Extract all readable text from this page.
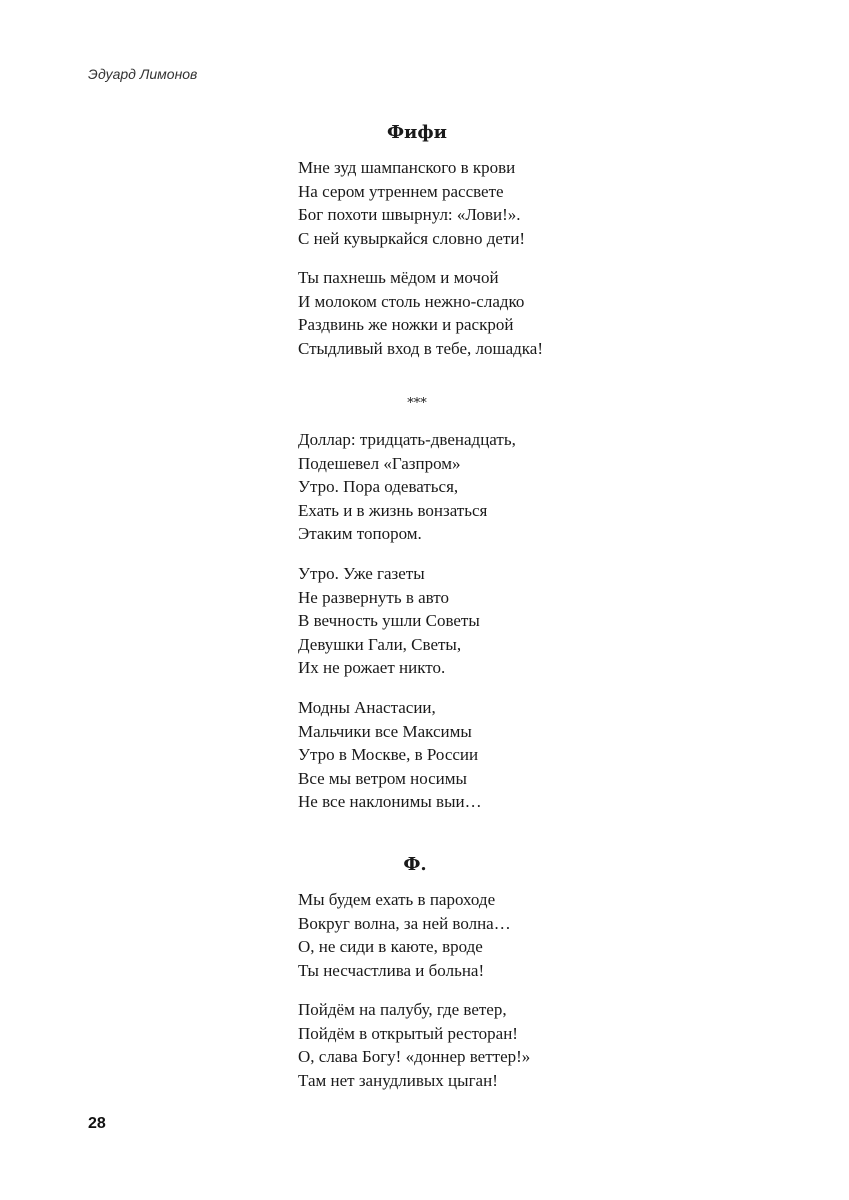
Эдуард Лимонов
Фифи
Мне зуд шампанского в крови
На сером утреннем рассвете
Бог похоти швырнул: «Лови!».
С ней кувыркайся словно дети!
Ты пахнешь мёдом и мочой
И молоком столь нежно-сладко
Раздвинь же ножки и раскрой
Стыдливый вход в тебе, лошадка!
***
Доллар: тридцать-двенадцать,
Подешевел «Газпром»
Утро. Пора одеваться,
Ехать и в жизнь вонзаться
Этаким топором.
Утро. Уже газеты
Не развернуть в авто
В вечность ушли Советы
Девушки Гали, Светы,
Их не рожает никто.
Модны Анастасии,
Мальчики все Максимы
Утро в Москве, в России
Все мы ветром носимы
Не все наклонимы выи…
Ф.
Мы будем ехать в пароходе
Вокруг волна, за ней волна…
О, не сиди в каюте, вроде
Ты несчастлива и больна!
Пойдём на палубу, где ветер,
Пойдём в открытый ресторан!
О, слава Богу! «доннер веттер!»
Там нет занудливых цыган!
28
